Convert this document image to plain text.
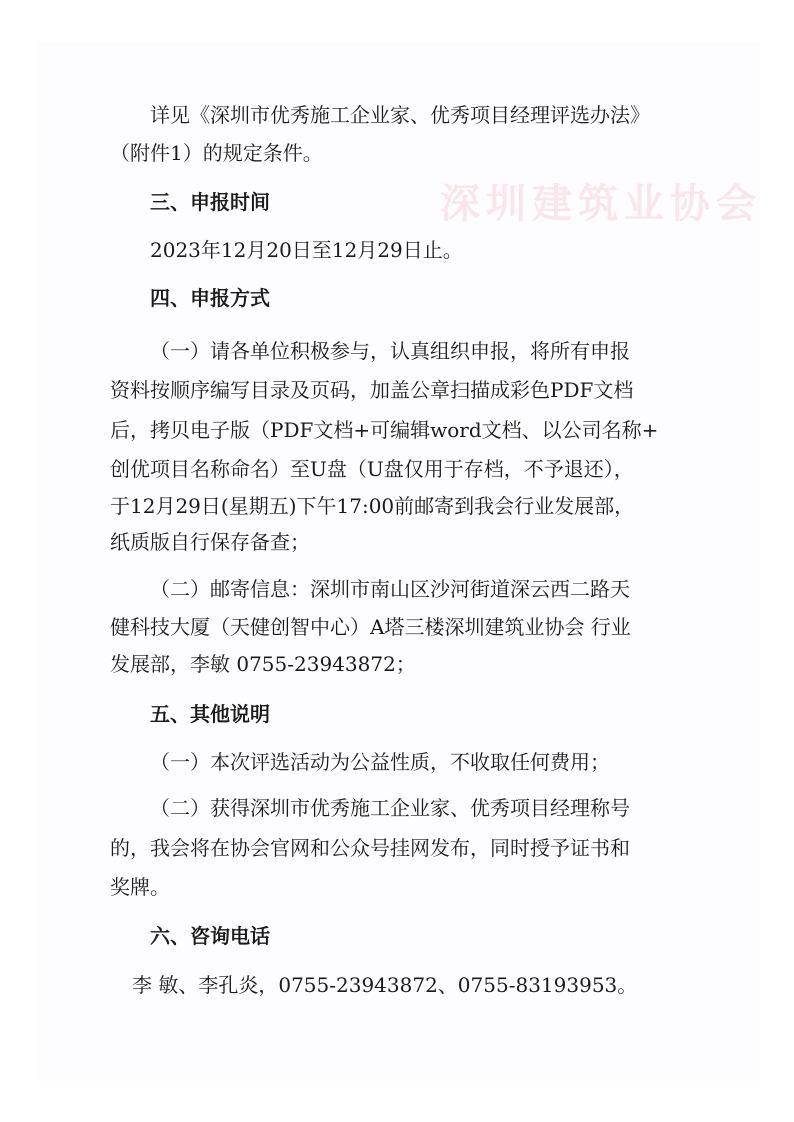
深圳建筑业协会
详见《深圳市优秀施工企业家、优秀项目经理评选办法》
（附件1）的规定条件。
三、申报时间
2023年12月20日至12月29日止。
四、申报方式
（一）请各单位积极参与，认真组织申报，将所有申报
资料按顺序编写目录及页码，加盖公章扫描成彩色PDF文档
后，拷贝电子版（PDF文档+可编辑word文档、以公司名称+
创优项目名称命名）至U盘（U盘仅用于存档，不予退还），
于12月29日(星期五)下午17:00前邮寄到我会行业发展部，
纸质版自行保存备查；
（二）邮寄信息：深圳市南山区沙河街道深云西二路天
健科技大厦（天健创智中心）A塔三楼深圳建筑业协会 行业
发展部，李敏 0755-23943872；
五、其他说明
（一）本次评选活动为公益性质，不收取任何费用；
（二）获得深圳市优秀施工企业家、优秀项目经理称号
的，我会将在协会官网和公众号挂网发布，同时授予证书和
奖牌。
六、咨询电话
李 敏、李孔炎，0755-23943872、0755-83193953。
